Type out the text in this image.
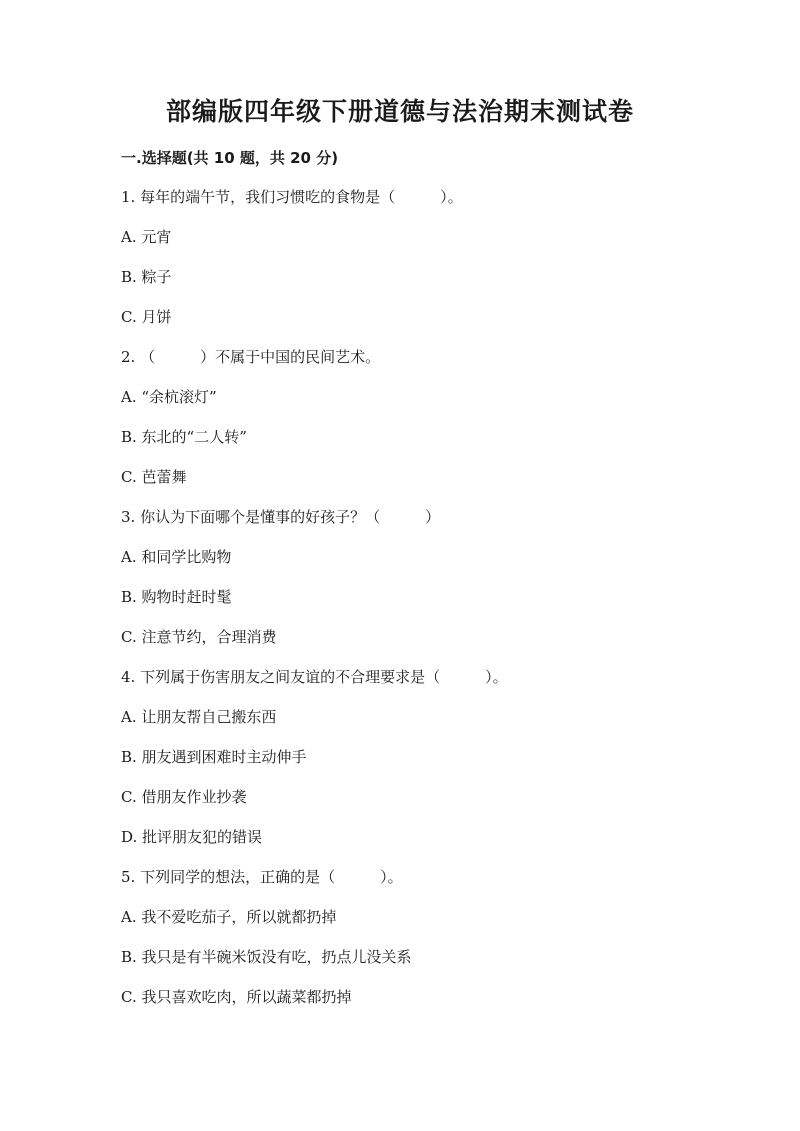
部编版四年级下册道德与法治期末测试卷
一.选择题(共 10 题，共 20 分)
1. 每年的端午节，我们习惯吃的食物是（　　　）。
A. 元宵
B. 粽子
C. 月饼
2. （　　　）不属于中国的民间艺术。
A. “余杭滚灯”
B. 东北的“二人转”
C. 芭蕾舞
3. 你认为下面哪个是懂事的好孩子？（　　　）
A. 和同学比购物
B. 购物时赶时髦
C. 注意节约，合理消费
4. 下列属于伤害朋友之间友谊的不合理要求是（　　　）。
A. 让朋友帮自己搬东西
B. 朋友遇到困难时主动伸手
C. 借朋友作业抄袭
D. 批评朋友犯的错误
5. 下列同学的想法，正确的是（　　　）。
A. 我不爱吃茄子，所以就都扔掉
B. 我只是有半碗米饭没有吃，扔点儿没关系
C. 我只喜欢吃肉，所以蔬菜都扔掉
